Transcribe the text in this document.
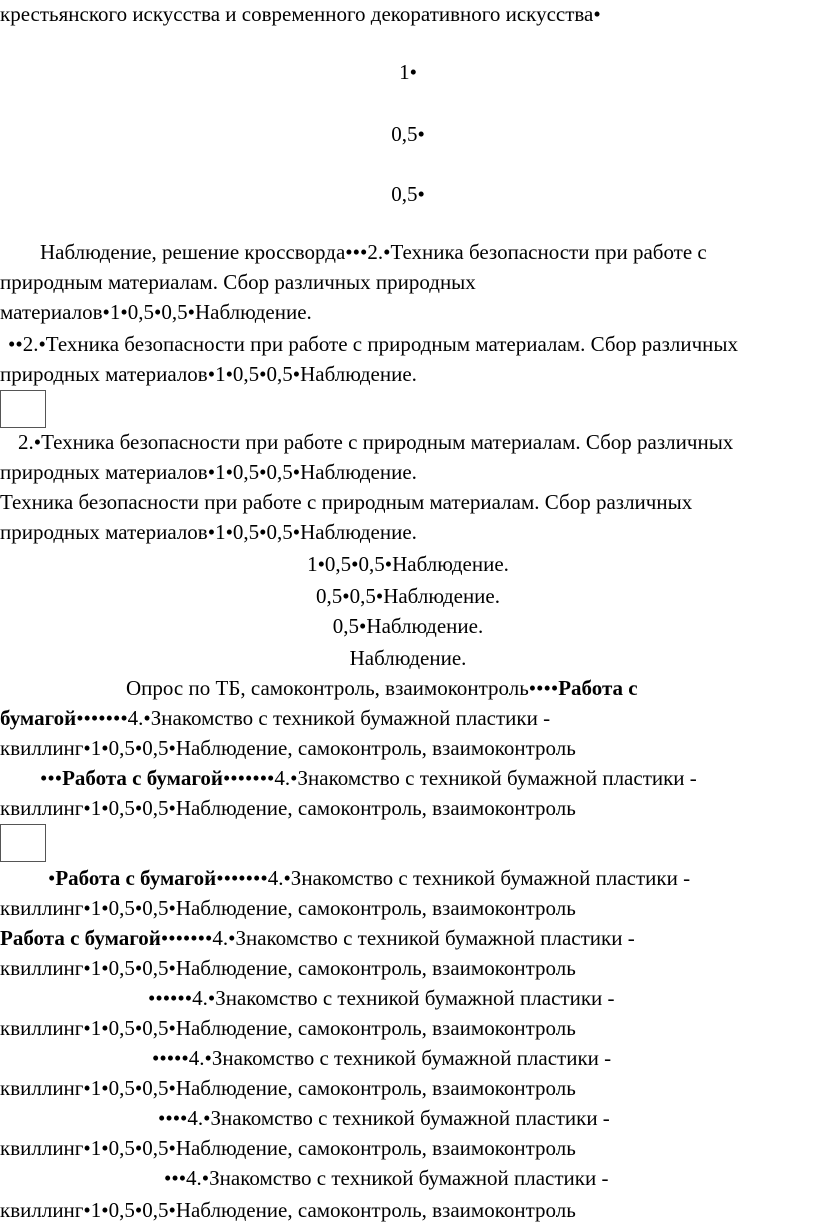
крестьянского искусства и современного декоративного искусства•
1•
0,5•
0,5•
Наблюдение, решение кроссворда•••2.•Техника безопасности при работе с
природным материалам. Сбор различных природных
материалов•1•0,5•0,5•Наблюдение.
••2.•Техника безопасности при работе с природным материалам. Сбор различных
природных материалов•1•0,5•0,5•Наблюдение.
2.•Техника безопасности при работе с природным материалам. Сбор различных
природных материалов•1•0,5•0,5•Наблюдение.
Техника безопасности при работе с природным материалам. Сбор различных
природных материалов•1•0,5•0,5•Наблюдение.
1•0,5•0,5•Наблюдение.
0,5•0,5•Наблюдение.
0,5•Наблюдение.
Наблюдение.
Опрос по ТБ, самоконтроль, взаимоконтроль••••Работа с
бумагой•••••••4.•Знакомство с техникой бумажной пластики -
квиллинг•1•0,5•0,5•Наблюдение, самоконтроль, взаимоконтроль
•••Работа с бумагой•••••••4.•Знакомство с техникой бумажной пластики -
квиллинг•1•0,5•0,5•Наблюдение, самоконтроль, взаимоконтроль
•Работа с бумагой•••••••4.•Знакомство с техникой бумажной пластики -
квиллинг•1•0,5•0,5•Наблюдение, самоконтроль, взаимоконтроль
Работа с бумагой•••••••4.•Знакомство с техникой бумажной пластики -
квиллинг•1•0,5•0,5•Наблюдение, самоконтроль, взаимоконтроль
••••••4.•Знакомство с техникой бумажной пластики -
квиллинг•1•0,5•0,5•Наблюдение, самоконтроль, взаимоконтроль
•••••4.•Знакомство с техникой бумажной пластики -
квиллинг•1•0,5•0,5•Наблюдение, самоконтроль, взаимоконтроль
••••4.•Знакомство с техникой бумажной пластики -
квиллинг•1•0,5•0,5•Наблюдение, самоконтроль, взаимоконтроль
•••4.•Знакомство с техникой бумажной пластики -
квиллинг•1•0,5•0,5•Наблюдение, самоконтроль, взаимоконтроль
